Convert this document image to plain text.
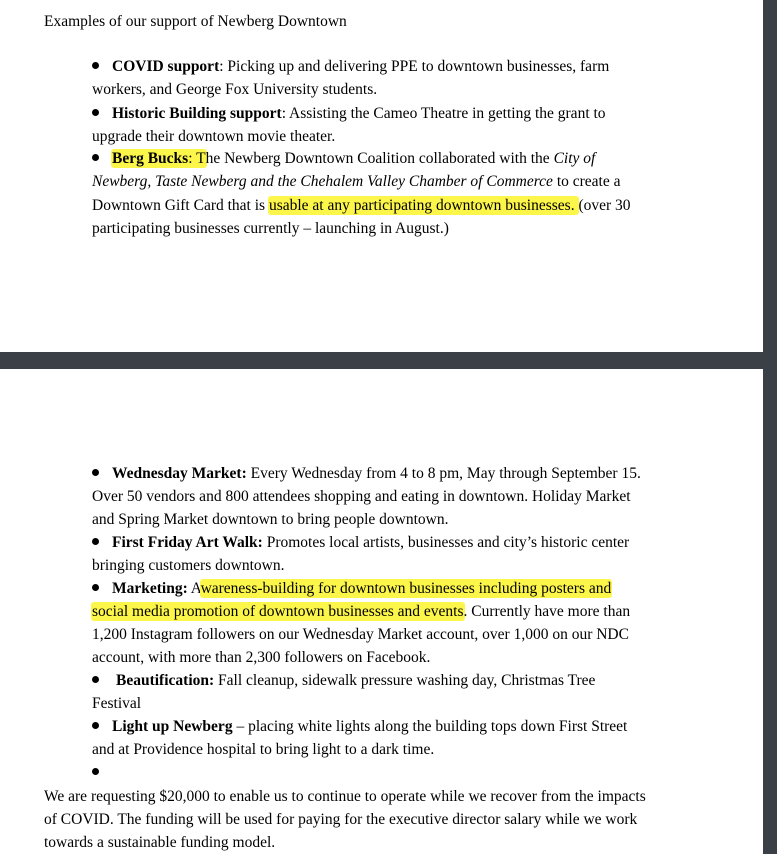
Examples of our support of Newberg Downtown
COVID support: Picking up and delivering PPE to downtown businesses, farm
workers, and George Fox University students.
Historic Building support: Assisting the Cameo Theatre in getting the grant to
upgrade their downtown movie theater.
Berg Bucks: The Newberg Downtown Coalition collaborated with the City of
Newberg, Taste Newberg and the Chehalem Valley Chamber of Commerce to create a
Downtown Gift Card that is usable at any participating downtown businesses. (over 30
participating businesses currently – launching in August.)
Wednesday Market: Every Wednesday from 4 to 8 pm, May through September 15.
Over 50 vendors and 800 attendees shopping and eating in downtown. Holiday Market
and Spring Market downtown to bring people downtown.
First Friday Art Walk: Promotes local artists, businesses and city’s historic center
bringing customers downtown.
Marketing: Awareness-building for downtown businesses including posters and
social media promotion of downtown businesses and events. Currently have more than
1,200 Instagram followers on our Wednesday Market account, over 1,000 on our NDC
account, with more than 2,300 followers on Facebook.
Beautification: Fall cleanup, sidewalk pressure washing day, Christmas Tree
Festival
Light up Newberg – placing white lights along the building tops down First Street
and at Providence hospital to bring light to a dark time.
We are requesting $20,000 to enable us to continue to operate while we recover from the impacts
of COVID. The funding will be used for paying for the executive director salary while we work
towards a sustainable funding model.
